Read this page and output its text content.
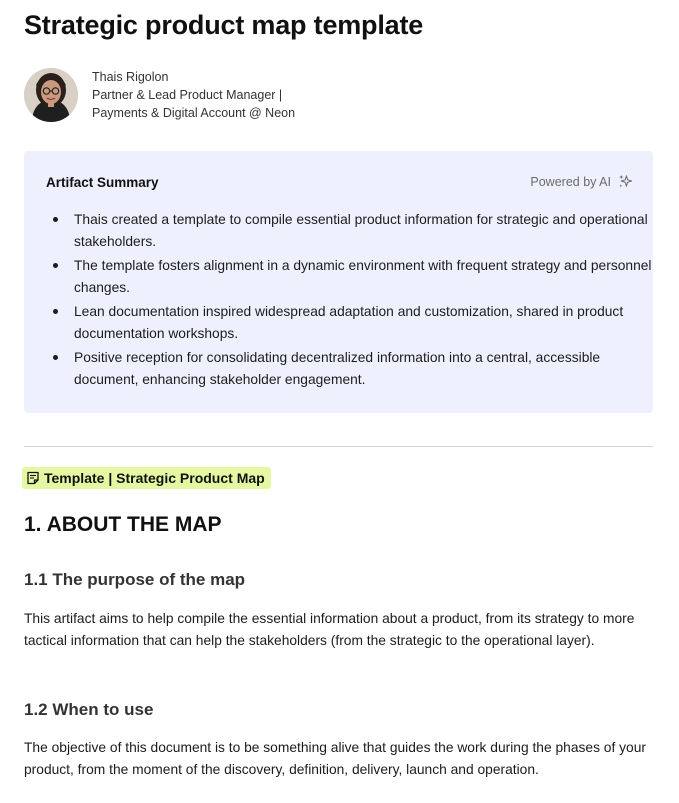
Strategic product map template
Thais Rigolon
Partner & Lead Product Manager |
Payments & Digital Account @ Neon
Artifact Summary	Powered by AI
Thais created a template to compile essential product information for strategic and operational stakeholders.
The template fosters alignment in a dynamic environment with frequent strategy and personnel changes.
Lean documentation inspired widespread adaptation and customization, shared in product documentation workshops.
Positive reception for consolidating decentralized information into a central, accessible document, enhancing stakeholder engagement.
Template | Strategic Product Map
1. ABOUT THE MAP
1.1 The purpose of the map

This artifact aims to help compile the essential information about a product, from its strategy to more tactical information that can help the stakeholders (from the strategic to the operational layer).

1.2 When to use

The objective of this document is to be something alive that guides the work during the phases of your product, from the moment of the discovery, definition, delivery, launch and operation.
